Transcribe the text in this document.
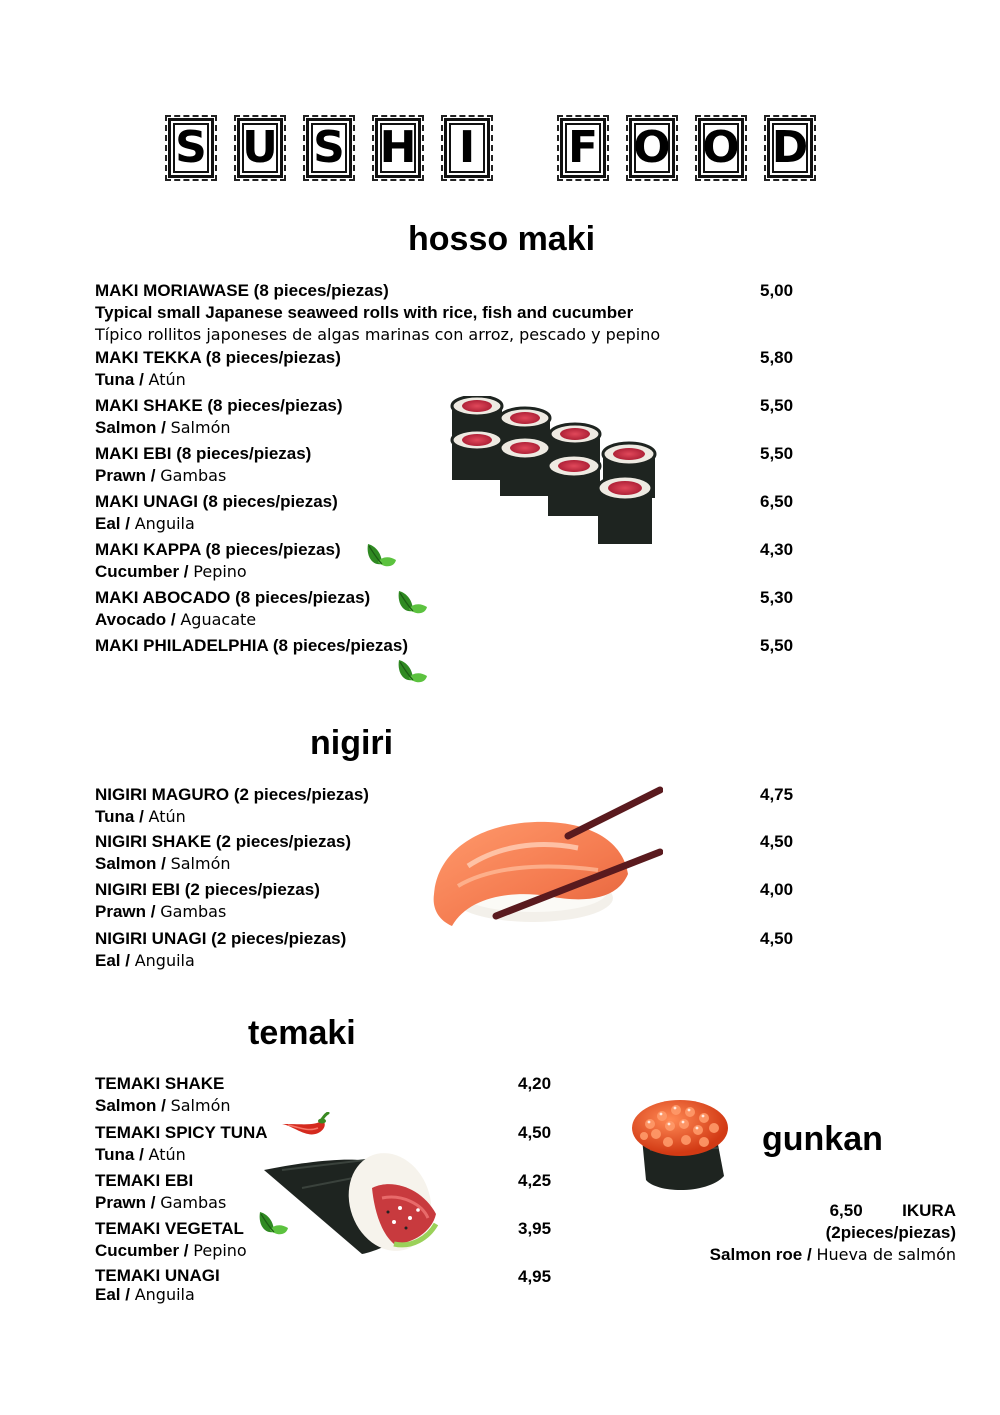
S U S H I	F O O D
hosso maki
MAKI MORIAWASE (8 pieces/piezas)
Typical small Japanese seaweed rolls with rice, fish and cucumber
Típico rollitos japoneses de algas marinas con arroz, pescado y pepino
5,00
MAKI TEKKA (8 pieces/piezas)
Tuna / Atún
5,80
MAKI SHAKE (8 pieces/piezas)
Salmon / Salmón
5,50
MAKI EBI (8 pieces/piezas)
Prawn / Gambas
5,50
MAKI UNAGI (8 pieces/piezas)
Eal / Anguila
6,50
MAKI KAPPA (8 pieces/piezas)
Cucumber / Pepino
4,30
MAKI ABOCADO (8 pieces/piezas)
Avocado / Aguacate
5,30
MAKI PHILADELPHIA (8 pieces/piezas)	5,50
nigiri
NIGIRI MAGURO (2 pieces/piezas)
Tuna / Atún
4,75
NIGIRI SHAKE (2 pieces/piezas)
Salmon / Salmón
4,50
NIGIRI EBI (2 pieces/piezas)
Prawn / Gambas
4,00
NIGIRI UNAGI (2 pieces/piezas)
Eal / Anguila
4,50
temaki
TEMAKI SHAKE
Salmon / Salmón
4,20
TEMAKI SPICY TUNA
Tuna / Atún
4,50
TEMAKI EBI
Prawn / Gambas
4,25
TEMAKI VEGETAL
Cucumber / Pepino
3,95
TEMAKI UNAGI
Eal / Anguila
4,95
gunkan
6,50 IKURA
(2pieces/piezas)
Salmon roe / Hueva de salmón
